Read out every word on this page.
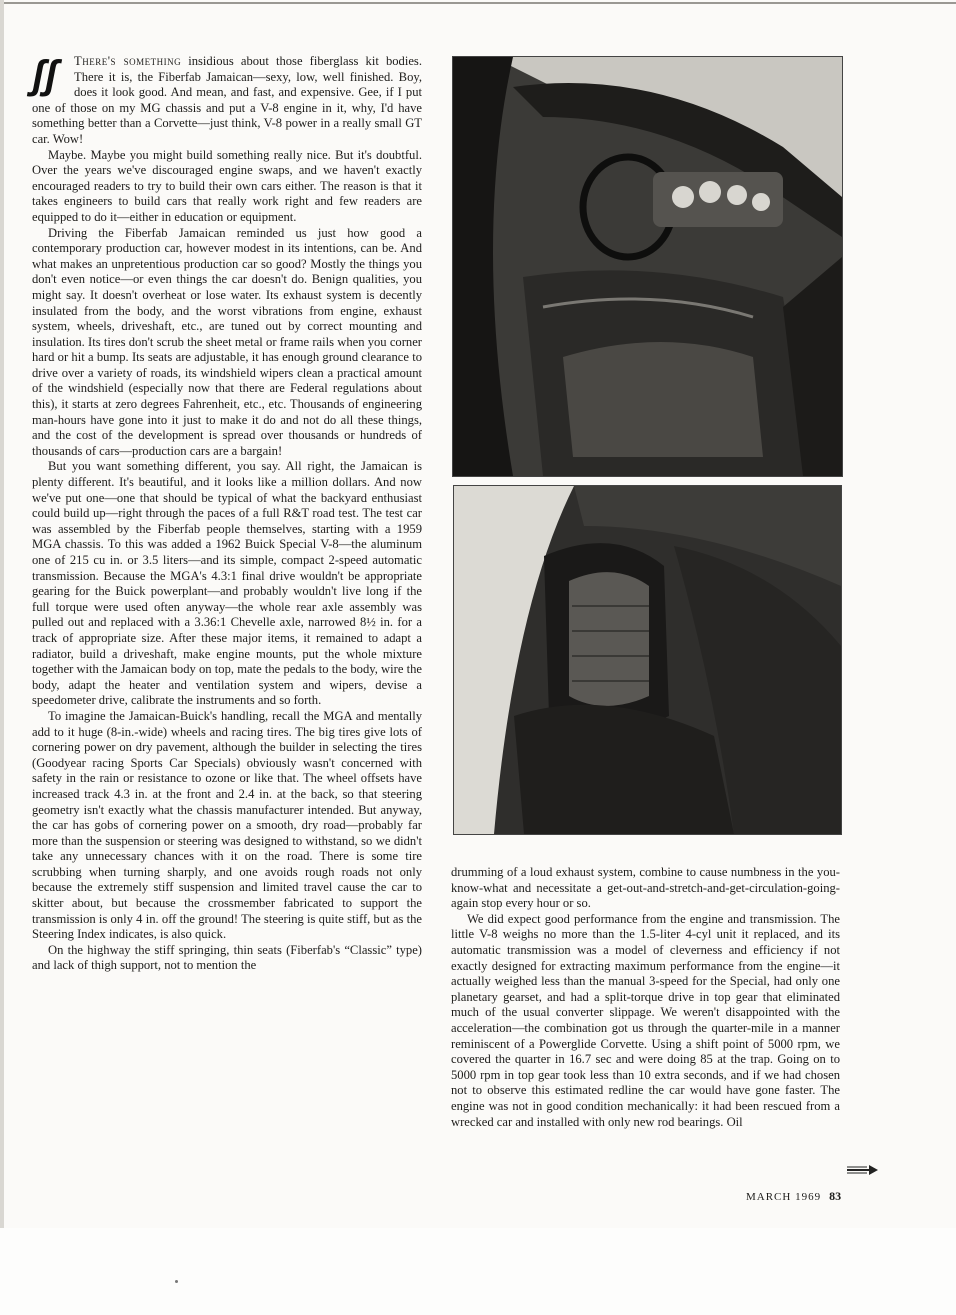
ʃʃ	There's something insidious about those fiberglass kit bodies. There it is, the Fiberfab Jamaican—sexy, low, well finished. Boy, does it look good. And mean, and fast, and expensive. Gee, if I put one of those on my MG chassis and put a V-8 engine in it, why, I'd have something better than a Corvette—just think, V-8 power in a really small GT car. Wow!

Maybe. Maybe you might build something really nice. But it's doubtful. Over the years we've discouraged engine swaps, and we haven't exactly encouraged readers to try to build their own cars either. The reason is that it takes engineers to build cars that really work right and few readers are equipped to do it—either in education or equipment.

Driving the Fiberfab Jamaican reminded us just how good a contemporary production car, however modest in its intentions, can be. And what makes an unpretentious production car so good? Mostly the things you don't even notice—or even things the car doesn't do. Benign qualities, you might say. It doesn't overheat or lose water. Its exhaust system is decently insulated from the body, and the worst vibrations from engine, exhaust system, wheels, driveshaft, etc., are tuned out by correct mounting and insulation. Its tires don't scrub the sheet metal or frame rails when you corner hard or hit a bump. Its seats are adjustable, it has enough ground clearance to drive over a variety of roads, its windshield wipers clean a practical amount of the windshield (especially now that there are Federal regulations about this), it starts at zero degrees Fahrenheit, etc., etc. Thousands of engineering man-hours have gone into it just to make it do and not do all these things, and the cost of the development is spread over thousands or hundreds of thousands of cars—production cars are a bargain!

But you want something different, you say. All right, the Jamaican is plenty different. It's beautiful, and it looks like a million dollars. And now we've put one—one that should be typical of what the backyard enthusiast could build up—right through the paces of a full R&T road test. The test car was assembled by the Fiberfab people themselves, starting with a 1959 MGA chassis. To this was added a 1962 Buick Special V-8—the aluminum one of 215 cu in. or 3.5 liters—and its simple, compact 2-speed automatic transmission. Because the MGA's 4.3:1 final drive wouldn't be appropriate gearing for the Buick powerplant—and probably wouldn't live long if the full torque were used often anyway—the whole rear axle assembly was pulled out and replaced with a 3.36:1 Chevelle axle, narrowed 8½ in. for a track of appropriate size. After these major items, it remained to adapt a radiator, build a driveshaft, make engine mounts, put the whole mixture together with the Jamaican body on top, mate the pedals to the body, wire the body, adapt the heater and ventilation system and wipers, devise a speedometer drive, calibrate the instruments and so forth.

To imagine the Jamaican-Buick's handling, recall the MGA and mentally add to it huge (8-in.-wide) wheels and racing tires. The big tires give lots of cornering power on dry pavement, although the builder in selecting the tires (Goodyear racing Sports Car Specials) obviously wasn't concerned with safety in the rain or resistance to ozone or like that. The wheel offsets have increased track 4.3 in. at the front and 2.4 in. at the back, so that steering geometry isn't exactly what the chassis manufacturer intended. But anyway, the car has gobs of cornering power on a smooth, dry road—probably far more than the suspension or steering was designed to withstand, so we didn't take any unnecessary chances with it on the road. There is some tire scrubbing when turning sharply, and one avoids rough roads not only because the extremely stiff suspension and limited travel cause the car to skitter about, but because the crossmember fabricated to support the transmission is only 4 in. off the ground! The steering is quite stiff, but as the Steering Index indicates, is also quick.

On the highway the stiff springing, thin seats (Fiberfab's “Classic” type) and lack of thigh support, not to mention the

drumming of a loud exhaust system, combine to cause numbness in the you-know-what and necessitate a get-out-and-stretch-and-get-circulation-going-again stop every hour or so.

We did expect good performance from the engine and transmission. The little V-8 weighs no more than the 1.5-liter 4-cyl unit it replaced, and its automatic transmission was a model of cleverness and efficiency if not exactly designed for extracting maximum performance from the engine—it actually weighed less than the manual 3-speed for the Special, had only one planetary gearset, and had a split-torque drive in top gear that eliminated much of the usual converter slippage. We weren't disappointed with the acceleration—the combination got us through the quarter-mile in a manner reminiscent of a Powerglide Corvette. Using a shift point of 5000 rpm, we covered the quarter in 16.7 sec and were doing 85 at the trap. Going on to 5000 rpm in top gear took less than 10 extra seconds, and if we had chosen not to observe this estimated redline the car would have gone faster. The engine was not in good condition mechanically: it had been rescued from a wrecked car and installed with only new rod bearings. Oil

MARCH 1969 83
